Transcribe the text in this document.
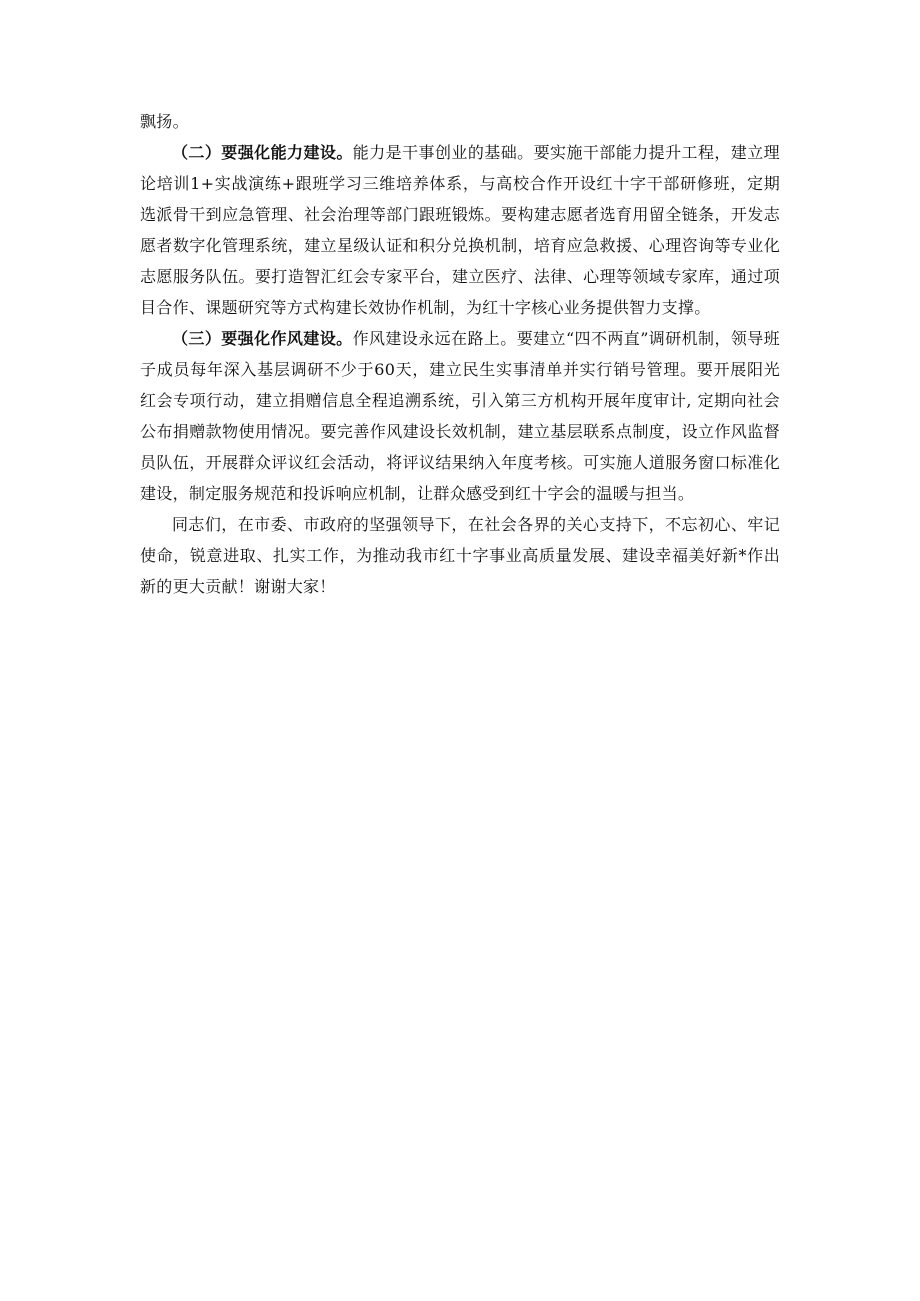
飘扬。

（二）要强化能力建设。能力是干事创业的基础。要实施干部能力提升工程，建立理论培训1+实战演练+跟班学习三维培养体系，与高校合作开设红十字干部研修班，定期选派骨干到应急管理、社会治理等部门跟班锻炼。要构建志愿者选育用留全链条，开发志愿者数字化管理系统，建立星级认证和积分兑换机制，培育应急救援、心理咨询等专业化志愿服务队伍。要打造智汇红会专家平台，建立医疗、法律、心理等领域专家库，通过项目合作、课题研究等方式构建长效协作机制，为红十字核心业务提供智力支撑。

（三）要强化作风建设。作风建设永远在路上。要建立“四不两直”调研机制，领导班子成员每年深入基层调研不少于60天，建立民生实事清单并实行销号管理。要开展阳光红会专项行动，建立捐赠信息全程追溯系统，引入第三方机构开展年度审计, 定期向社会公布捐赠款物使用情况。要完善作风建设长效机制，建立基层联系点制度，设立作风监督员队伍，开展群众评议红会活动，将评议结果纳入年度考核。可实施人道服务窗口标准化建设，制定服务规范和投诉响应机制，让群众感受到红十字会的温暖与担当。

同志们，在市委、市政府的坚强领导下，在社会各界的关心支持下，不忘初心、牢记使命，锐意进取、扎实工作，为推动我市红十字事业高质量发展、建设幸福美好新*作出新的更大贡献！谢谢大家！
